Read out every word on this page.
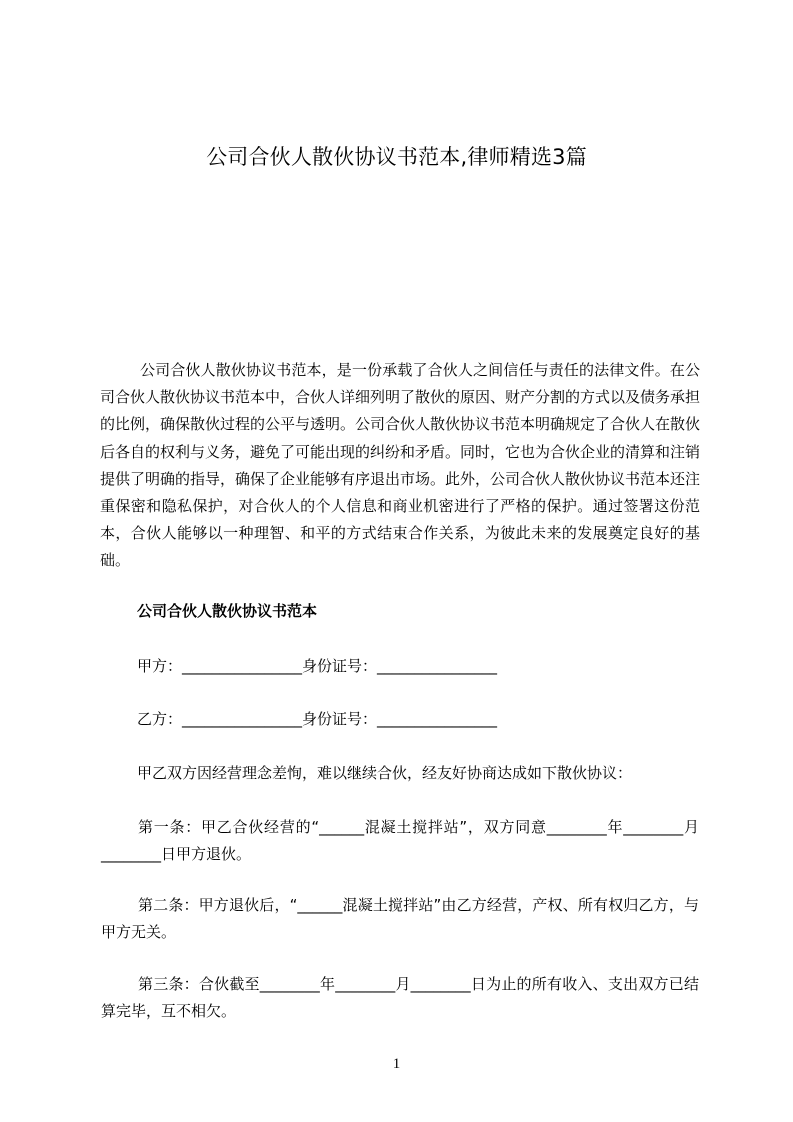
公司合伙人散伙协议书范本,律师精选3篇

公司合伙人散伙协议书范本，是一份承载了合伙人之间信任与责任的法律文件。在公司合伙人散伙协议书范本中，合伙人详细列明了散伙的原因、财产分割的方式以及债务承担的比例，确保散伙过程的公平与透明。公司合伙人散伙协议书范本明确规定了合伙人在散伙后各自的权利与义务，避免了可能出现的纠纷和矛盾。同时，它也为合伙企业的清算和注销提供了明确的指导，确保了企业能够有序退出市场。此外，公司合伙人散伙协议书范本还注重保密和隐私保护，对合伙人的个人信息和商业机密进行了严格的保护。通过签署这份范本，合伙人能够以一种理智、和平的方式结束合作关系，为彼此未来的发展奠定良好的基础。

公司合伙人散伙协议书范本

甲方：________________身份证号：________________

乙方：________________身份证号：________________

甲乙双方因经营理念差恂，难以继续合伙，经友好协商达成如下散伙协议：

第一条：甲乙合伙经营的“______混凝土搅拌站”，双方同意________年________月________日甲方退伙。

第二条：甲方退伙后，“______混凝土搅拌站”由乙方经营，产权、所有权归乙方，与甲方无关。

第三条：合伙截至________年________月________日为止的所有收入、支出双方已结算完毕，互不相欠。

1
